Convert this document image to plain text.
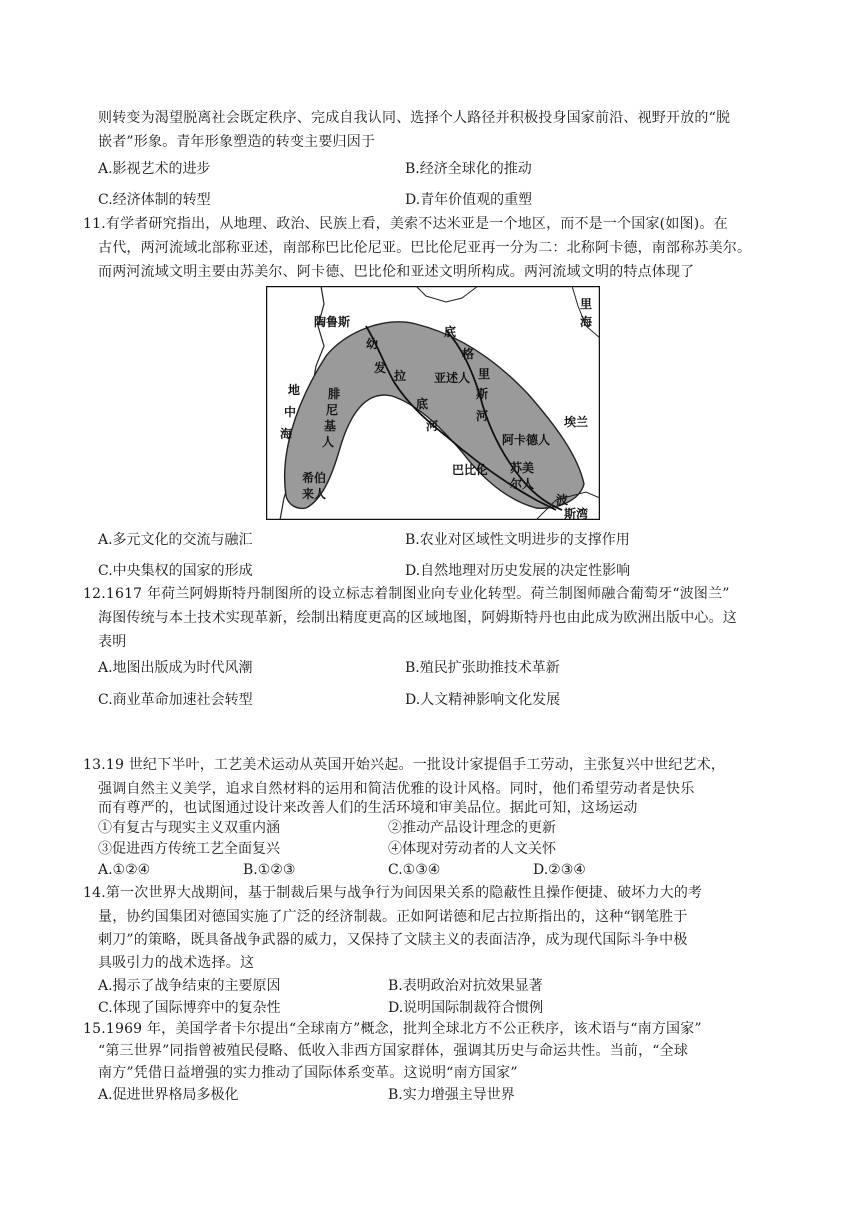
则转变为渴望脱离社会既定秩序、完成自我认同、选择个人路径并积极投身国家前沿、视野开放的“脱
嵌者”形象。青年形象塑造的转变主要归因于
A.影视艺术的进步	B.经济全球化的推动
C.经济体制的转型	D.青年价值观的重塑
11.有学者研究指出，从地理、政治、民族上看，美索不达米亚是一个地区，而不是一个国家(如图)。在
古代，两河流域北部称亚述，南部称巴比伦尼亚。巴比伦尼亚再一分为二：北称阿卡德，南部称苏美尔。
而两河流域文明主要由苏美尔、阿卡德、巴比伦和亚述文明所构成。两河流域文明的特点体现了
陶鲁斯
里
海
地
中
海
腓
尼
基
人
希伯
来人
幼
发
拉
底
河
底
格
里
斯
河
亚述人
阿卡德人
巴比伦 苏美
尔人
埃兰
波
斯湾
A.多元文化的交流与融汇	B.农业对区域性文明进步的支撑作用
C.中央集权的国家的形成	D.自然地理对历史发展的决定性影响
12.1617 年荷兰阿姆斯特丹制图所的设立标志着制图业向专业化转型。荷兰制图师融合葡萄牙“波图兰”
海图传统与本土技术实现革新，绘制出精度更高的区域地图，阿姆斯特丹也由此成为欧洲出版中心。这
表明
A.地图出版成为时代风潮	B.殖民扩张助推技术革新
C.商业革命加速社会转型	D.人文精神影响文化发展
13.19 世纪下半叶，工艺美术运动从英国开始兴起。一批设计家提倡手工劳动，主张复兴中世纪艺术，
强调自然主义美学，追求自然材料的运用和简洁优雅的设计风格。同时，他们希望劳动者是快乐
而有尊严的，也试图通过设计来改善人们的生活环境和审美品位。据此可知，这场运动
①有复古与现实主义双重内涵	②推动产品设计理念的更新
③促进西方传统工艺全面复兴	④体现对劳动者的人文关怀
A.①②④	B.①②③	C.①③④	D.②③④
14.第一次世界大战期间，基于制裁后果与战争行为间因果关系的隐蔽性且操作便捷、破坏力大的考
量，协约国集团对德国实施了广泛的经济制裁。正如阿诺德和尼古拉斯指出的，这种“钢笔胜于
刺刀”的策略，既具备战争武器的威力，又保持了文牍主义的表面洁净，成为现代国际斗争中极
具吸引力的战术选择。这
A.揭示了战争结束的主要原因	B.表明政治对抗效果显著
C.体现了国际博弈中的复杂性	D.说明国际制裁符合惯例
15.1969 年，美国学者卡尔提出“全球南方”概念，批判全球北方不公正秩序，该术语与“南方国家”
“第三世界”同指曾被殖民侵略、低收入非西方国家群体，强调其历史与命运共性。当前，“全球
南方”凭借日益增强的实力推动了国际体系变革。这说明“南方国家”
A.促进世界格局多极化	B.实力增强主导世界
